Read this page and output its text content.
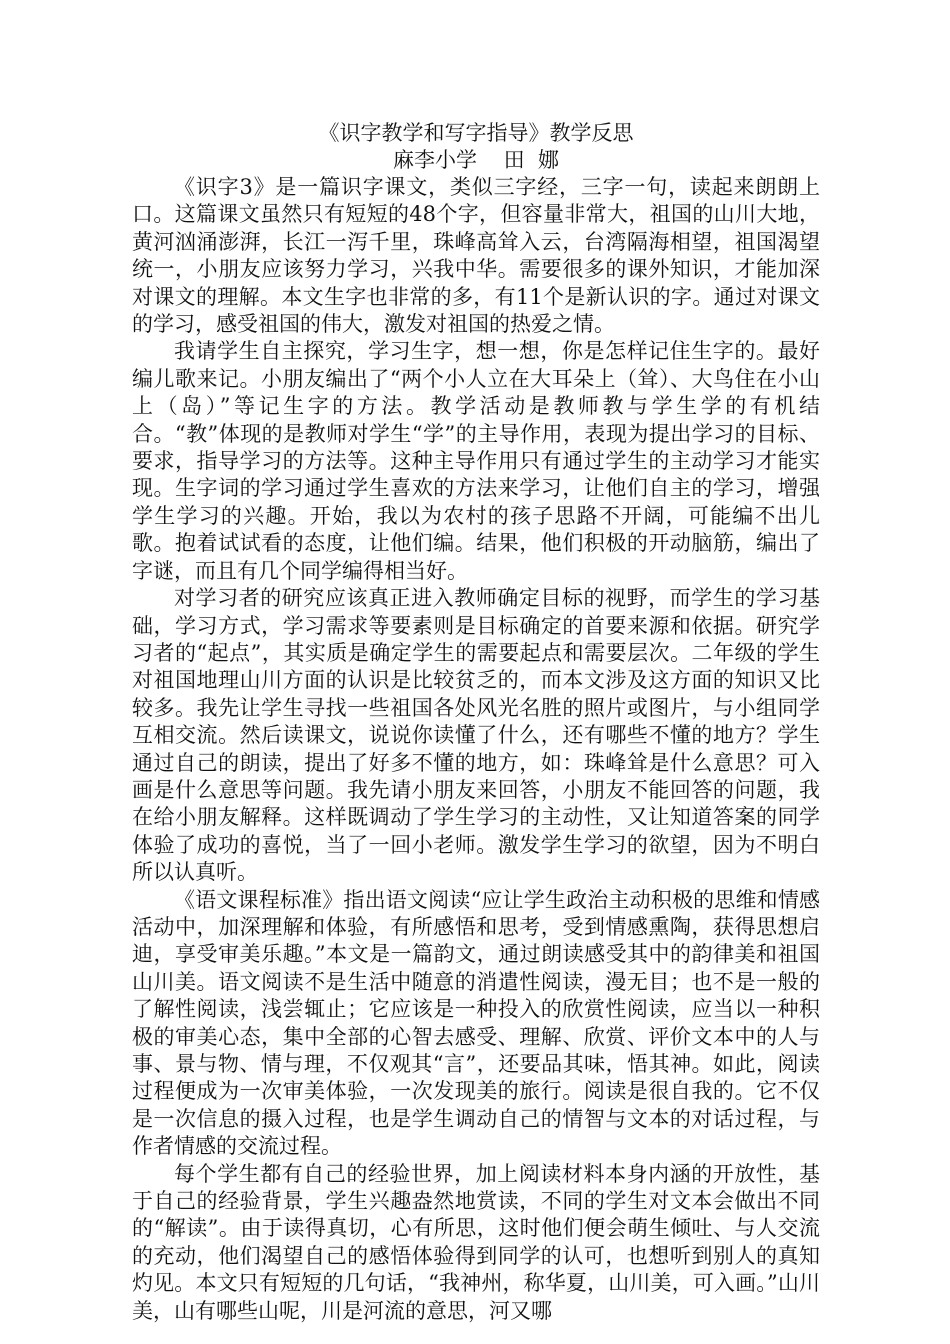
《识字教学和写字指导》教学反思

麻李小学    田  娜

《识字3》是一篇识字课文，类似三字经，三字一句，读起来朗朗上口。这篇课文虽然只有短短的48个字，但容量非常大，祖国的山川大地，黄河汹涌澎湃，长江一泻千里，珠峰高耸入云，台湾隔海相望，祖国渴望统一，小朋友应该努力学习，兴我中华。需要很多的课外知识，才能加深对课文的理解。本文生字也非常的多，有11个是新认识的字。通过对课文的学习，感受祖国的伟大，激发对祖国的热爱之情。

我请学生自主探究，学习生字，想一想，你是怎样记住生字的。最好编儿歌来记。小朋友编出了“两个小人立在大耳朵上（耸）、大鸟住在小山上（岛）”等记生字的方法。教学活动是教师教与学生学的有机结合。“教”体现的是教师对学生“学”的主导作用，表现为提出学习的目标、要求，指导学习的方法等。这种主导作用只有通过学生的主动学习才能实现。生字词的学习通过学生喜欢的方法来学习，让他们自主的学习，增强学生学习的兴趣。开始，我以为农村的孩子思路不开阔，可能编不出儿歌。抱着试试看的态度，让他们编。结果，他们积极的开动脑筋，编出了字谜，而且有几个同学编得相当好。

对学习者的研究应该真正进入教师确定目标的视野，而学生的学习基础，学习方式，学习需求等要素则是目标确定的首要来源和依据。研究学习者的“起点”，其实质是确定学生的需要起点和需要层次。二年级的学生对祖国地理山川方面的认识是比较贫乏的，而本文涉及这方面的知识又比较多。我先让学生寻找一些祖国各处风光名胜的照片或图片，与小组同学互相交流。然后读课文，说说你读懂了什么，还有哪些不懂的地方？学生通过自己的朗读，提出了好多不懂的地方，如：珠峰耸是什么意思？可入画是什么意思等问题。我先请小朋友来回答，小朋友不能回答的问题，我在给小朋友解释。这样既调动了学生学习的主动性，又让知道答案的同学体验了成功的喜悦，当了一回小老师。激发学生学习的欲望，因为不明白所以认真听。

《语文课程标准》指出语文阅读“应让学生政治主动积极的思维和情感活动中，加深理解和体验，有所感悟和思考，受到情感熏陶，获得思想启迪，享受审美乐趣。”本文是一篇韵文，通过朗读感受其中的韵律美和祖国山川美。语文阅读不是生活中随意的消遣性阅读，漫无目；也不是一般的了解性阅读，浅尝辄止；它应该是一种投入的欣赏性阅读，应当以一种积极的审美心态，集中全部的心智去感受、理解、欣赏、评价文本中的人与事、景与物、情与理，不仅观其“言”，还要品其味，悟其神。如此，阅读过程便成为一次审美体验，一次发现美的旅行。阅读是很自我的。它不仅是一次信息的摄入过程，也是学生调动自己的情智与文本的对话过程，与作者情感的交流过程。

每个学生都有自己的经验世界，加上阅读材料本身内涵的开放性，基于自己的经验背景，学生兴趣盎然地赏读，不同的学生对文本会做出不同的“解读”。由于读得真切，心有所思，这时他们便会萌生倾吐、与人交流的充动，他们渴望自己的感悟体验得到同学的认可，也想听到别人的真知灼见。本文只有短短的几句话，“我神州，称华夏，山川美，可入画。”山川美，山有哪些山呢，川是河流的意思，河又哪
